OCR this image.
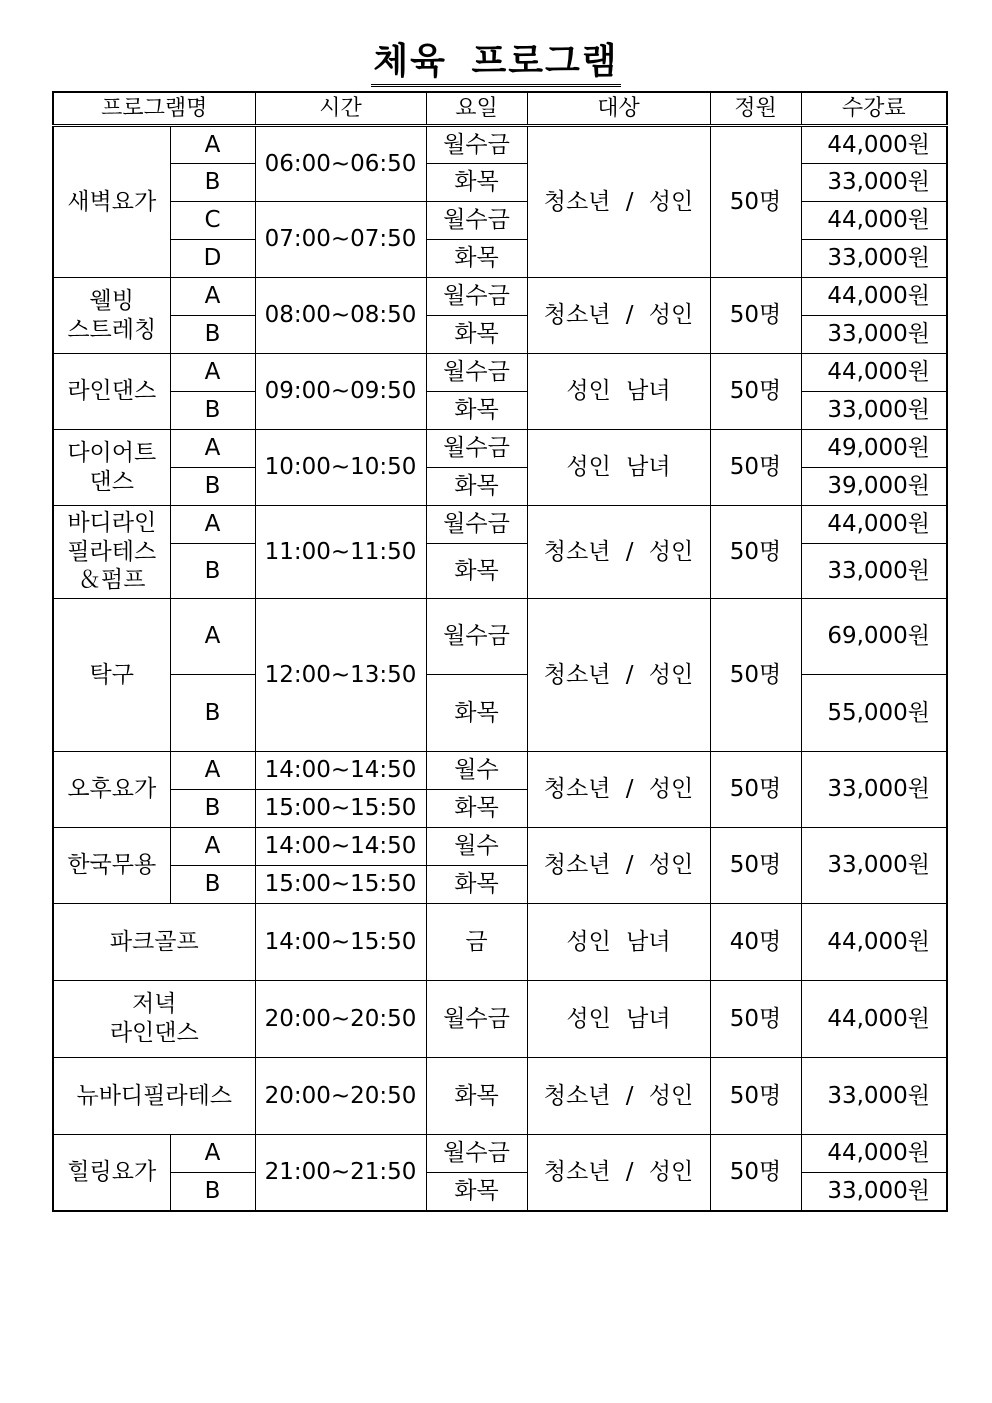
체육 프로그램
프로그램명		시간	요일	대상	정원	수강료
새벽요가	A	06:00~06:50	월수금	청소년 / 성인	50명	44,000원
	B		화목			33,000원
	C	07:00~07:50	월수금			44,000원
	D		화목			33,000원

웰빙
스트레칭	A	08:00~08:50	월수금	청소년 / 성인	50명	44,000원
	B		화목			33,000원
라인댄스	A	09:00~09:50	월수금	성인 남녀	50명	44,000원
	B		화목			33,000원

다이어트
댄스	A	10:00~10:50	월수금	성인 남녀	50명	49,000원
	B		화목			39,000원

바디라인
필라테스
＆펌프	A	11:00~11:50	월수금	청소년 / 성인	50명	44,000원
	B		화목			33,000원
탁구	A	12:00~13:50	월수금	청소년 / 성인	50명	69,000원
	B		화목			55,000원
오후요가	A	14:00~14:50	월수	청소년 / 성인	50명	33,000원
	B	15:00~15:50	화목			
한국무용	A	14:00~14:50	월수	청소년 / 성인	50명	33,000원
	B	15:00~15:50	화목			
파크골프		14:00~15:50	금	성인 남녀	40명	44,000원

저녁
라인댄스		20:00~20:50	월수금	성인 남녀	50명	44,000원
뉴바디필라테스		20:00~20:50	화목	청소년 / 성인	50명	33,000원
힐링요가	A	21:00~21:50	월수금	청소년 / 성인	50명	44,000원
	B		화목			33,000원
